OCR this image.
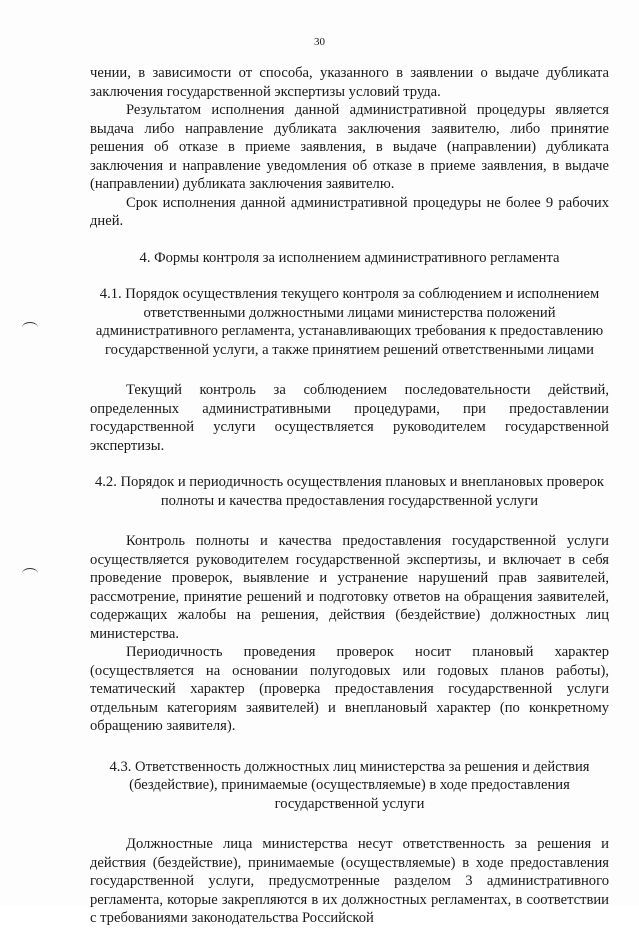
30

чении, в зависимости от способа, указанного в заявлении о выдаче дубликата заключения государственной экспертизы условий труда.

Результатом исполнения данной административной процедуры является выдача либо направление дубликата заключения заявителю, либо принятие решения об отказе в приеме заявления, в выдаче (направлении) дубликата заключения и направление уведомления об отказе в приеме заявления, в выдаче (направлении) дубликата заключения заявителю.

Срок исполнения данной административной процедуры не более 9 рабочих дней.

4. Формы контроля за исполнением административного регламента

4.1. Порядок осуществления текущего контроля за соблюдением и исполнением ответственными должностными лицами министерства положений административного регламента, устанавливающих требования к предоставлению государственной услуги, а также принятием решений ответственными лицами

Текущий контроль за соблюдением последовательности действий, определенных административными процедурами, при предоставлении государственной услуги осуществляется руководителем государственной экспертизы.

4.2. Порядок и периодичность осуществления плановых и внеплановых проверок полноты и качества предоставления государственной услуги

Контроль полноты и качества предоставления государственной услуги осуществляется руководителем государственной экспертизы, и включает в себя проведение проверок, выявление и устранение нарушений прав заявителей, рассмотрение, принятие решений и подготовку ответов на обращения заявителей, содержащих жалобы на решения, действия (бездействие) должностных лиц министерства.

Периодичность проведения проверок носит плановый характер (осуществляется на основании полугодовых или годовых планов работы), тематический характер (проверка предоставления государственной услуги отдельным категориям заявителей) и внеплановый характер (по конкретному обращению заявителя).

4.3. Ответственность должностных лиц министерства за решения и действия (бездействие), принимаемые (осуществляемые) в ходе предоставления государственной услуги

Должностные лица министерства несут ответственность за решения и действия (бездействие), принимаемые (осуществляемые) в ходе предоставления государственной услуги, предусмотренные разделом 3 административного регламента, которые закрепляются в их должностных регламентах, в соответствии с требованиями законодательства Российской
